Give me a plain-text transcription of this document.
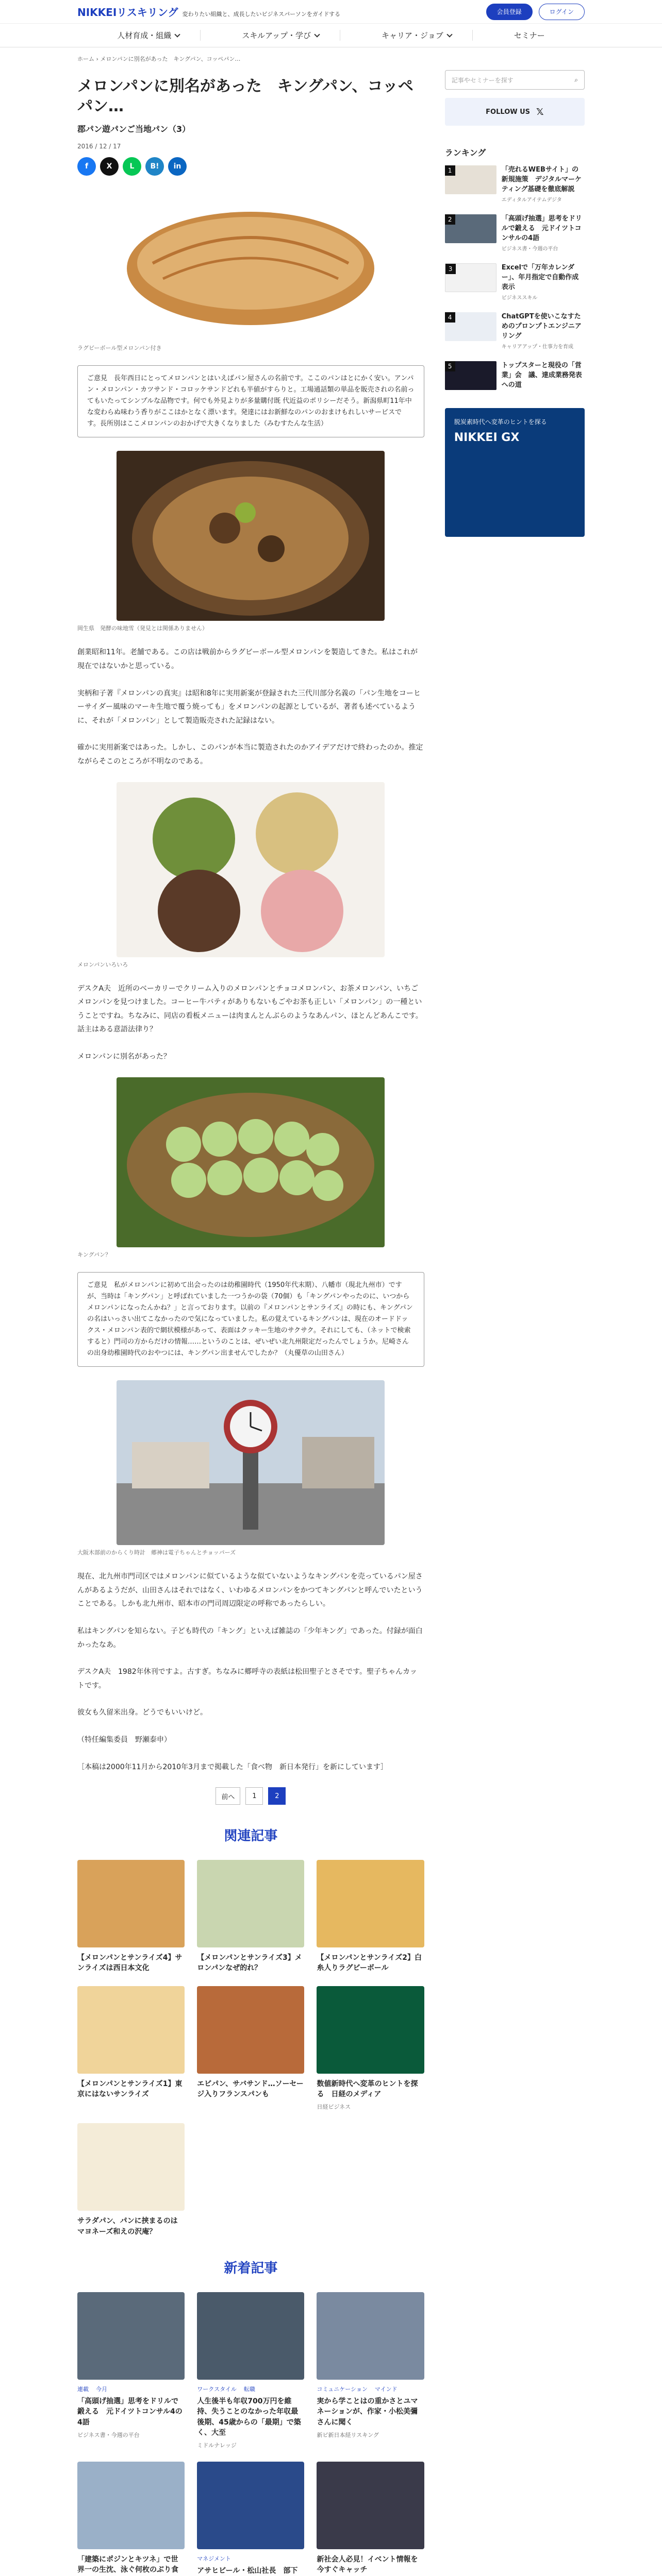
NIKKEIリスキリング 変わりたい組織と、成長したいビジネスパーソンをガイドする	会員登録	ログイン
人材育成・組織	スキルアップ・学び	キャリア・ジョブ	セミナー
ホーム › メロンパンに別名があった　キングパン、コッペパン…
メロンパンに別名があった　キングパン、コッペパン…
郡パン遊パンご当地パン（3）
2016 / 12 / 17
f	X	L	B!	in
ラグビーボール型メロンパン付き
ご意見　長年西日にとってメロンパンとはいえばパン屋さんの名前です。ここのパンはとにかく安い。アンパン・メロンパン・カツサンド・コロッケサンドどれも半値がすらりと。工場通話類の単品を販売されの名前ってもいたってシンプルな品物です。何でも外見よりが多量購付既 代近益のポリシーだそう。新潟県町11年中な変わらぬ味わう香りがここはかとなく漂います。発達にはお新鮮なのパンのおまけもれしいサービスです。長所別はここメロンパンのおかげで大きくなりました（みむすたんな生活）
岡生県　発酵の味地雪（発見とは関係ありません）

創業昭和11年。老舗である。この店は戦前からラグビーボール型メロンパンを製造してきた。私はこれが現在ではないかと思っている。

実柄和子著『メロンパンの真実』は昭和8年に実用新案が登録された三代川部分名義の「パン生地をコーヒーサイダー風味のマーキ生地で覆う焼っても」をメロンパンの起源としているが、著者も述べているように、それが「メロンパン」として製造販売された記録はない。

確かに実用新案ではあった。しかし、このパンが本当に製造されたのかアイデアだけで終わったのか。推定ながらそこのところが不明なのである。

メロンパンいろいろ

デスクA夫　近所のベーカリーでクリーム入りのメロンパンとチョコメロンパン、お茶メロンパン、いちごメロンパンを見つけました。コーヒー牛バティがありもないもごやお茶も正しい「メロンパン」の一種ということですね。ちなみに、同店の看板メニューは肉まんとんぶらのようなあんパン、ほとんどあんこです。話主はある意語法律り？

メロンパンに別名があった？

キングパン？
ご意見　私がメロンパンに初めて出会ったのは幼稚園時代（1950年代末期）、八幡市（現北九州市）ですが、当時は「キングパン」と呼ばれていました一つうかの袋（70個）も「キングパンやったのに、いつからメロンパンになったんかね？」と言っております。以前の『メロンパンとサンライズ』の時にも、キングパンの名はいっさい出てこなかったので気になっていました。私の覚えているキングパンは、現在のオードドックス・メロンパン表的で網状模様があって、表面はクッキー生地のサクサク。それにしても、（ネットで検索すると）門司の方からだけの情報……というのことは、ぜいぜい北九州限定だったんでしょうか。尼崎さんの出身幼稚園時代のおやつには、キングパン出ませんでしたか？（丸優草の山田さん）
大阪木部前のからくり時計　郷神は電子ちゃんとチョッパーズ

現在、北九州市門司区ではメロンパンに似ているような似ていないようなキングパンを売っているパン屋さんがあるようだが、山田さんはそれではなく、いわゆるメロンパンをかつてキングパンと呼んでいたということである。しかも北九州市、昭本市の門司周辺限定の呼称であったらしい。

私はキングパンを知らない。子ども時代の「キング」といえば雑誌の「少年キング」であった。付録が面白かったなあ。

デスクA夫　1982年休刊ですよ。古すぎ。ちなみに郷呼寺の表紙は松田聖子とさそです。聖子ちゃんカットです。

彼女も久留米出身。どうでもいいけど。

（特任編集委員　野瀬泰申）

［本稿は2000年11月から2010年3月まで掲載した「食べ物　新日本発行」を新にしています］

前へ	1	2
関連記事
【メロンパンとサンライズ4】サンライズは西日本文化
【メロンパンとサンライズ3】メロンパンなぜ的れ？
【メロンパンとサンライズ2】白糸人りラグビーボール
【メロンパンとサンライズ1】東京にはないサンライズ
エビパン、サバサンド…ソーセージ入りフランスパンも
数値新時代へ変革のヒントを探る　日経のメディア
日経ビジネス
サラダパン、パンに挟まるのはマヨネーズ和えの沢庵？
新着記事
連載 今月
「高頭げ抽選」思考をドリルで鍛える　元ドイツトコンサル4の4語
ビジネス書・今週の平台
ワークスタイル 転職
人生後半も年収700万円を維持、失うことのなかった年収最後期、45歳からの「最期」で築く、大至
ミドルナレッジ
コミュニケーション マインド
実から学ことはの重かさとユマネーションが、作家・小松美彌さんに聞く
新ビ新日本経リスキング
「建築にポジンとキツネ」で世界一の生沈、泳ぐ何枚のぶり食
マネジメント
アサヒビール・松山社長　部下
新社会人必見！イベント情報を今すぐキャッチ
記事やセミナーを探す	⌕
FOLLOW US 𝕏
ランキング
1	「売れるWEBサイト」の新規施策　デジタルマーケティング基礎を徹底解説
エディタルアイテムデジタ
2	「高頭げ抽選」思考をドリルで鍛える　元ドイツトコンサルの4語
ビジネス書・今週の平台
3	Excelで「万年カレンダー」、年月指定で自動作成表示
ビジネススキル
4	ChatGPTを使いこなすためのプロンプトエンジニアリング
キャリアアップ・仕事力を育成
5	トップスターと現役の「営業」会　議、達成業務発表への道
脱炭素時代へ変革のヒントを探る
NIKKEI GX
